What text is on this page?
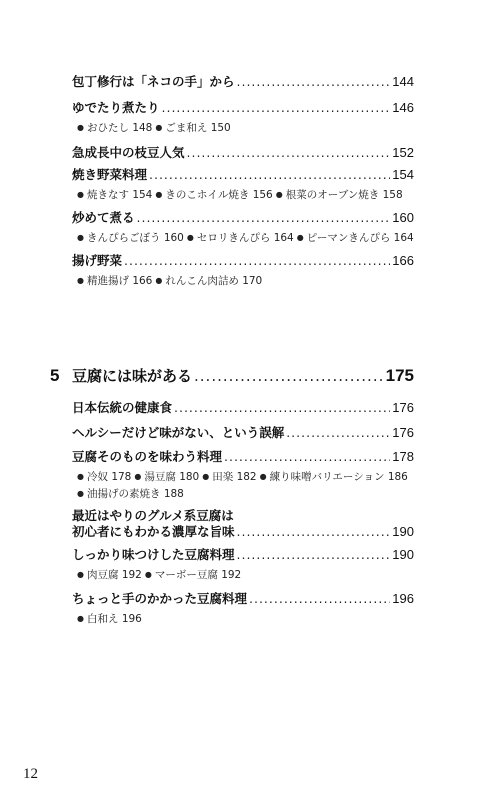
包丁修行は「ネコの手」から .....	144
ゆでたり煮たり .....	146
● おひたし 148 ● ごま和え 150
急成長中の枝豆人気 .....	152
焼き野菜料理 .....	154
● 焼きなす 154 ● きのこホイル焼き 156 ● 根菜のオーブン焼き 158
炒めて煮る .....	160
● きんぴらごぼう 160 ● セロリきんぴら 164 ● ピーマンきんぴら 164
揚げ野菜 .....	166
● 精進揚げ 166 ● れんこん肉詰め 170
5 豆腐には味がある .....	175
日本伝統の健康食 .....	176
ヘルシーだけど味がない、という誤解 .....	176
豆腐そのものを味わう料理 .....	178
● 冷奴 178 ● 湯豆腐 180 ● 田楽 182 ● 練り味噌バリエーション 186
● 油揚げの素焼き 188
最近はやりのグルメ系豆腐は
初心者にもわかる濃厚な旨味 .....	190
しっかり味つけした豆腐料理 .....	190
● 肉豆腐 192 ● マーボー豆腐 192
ちょっと手のかかった豆腐料理 .....	196
● 白和え 196
12
